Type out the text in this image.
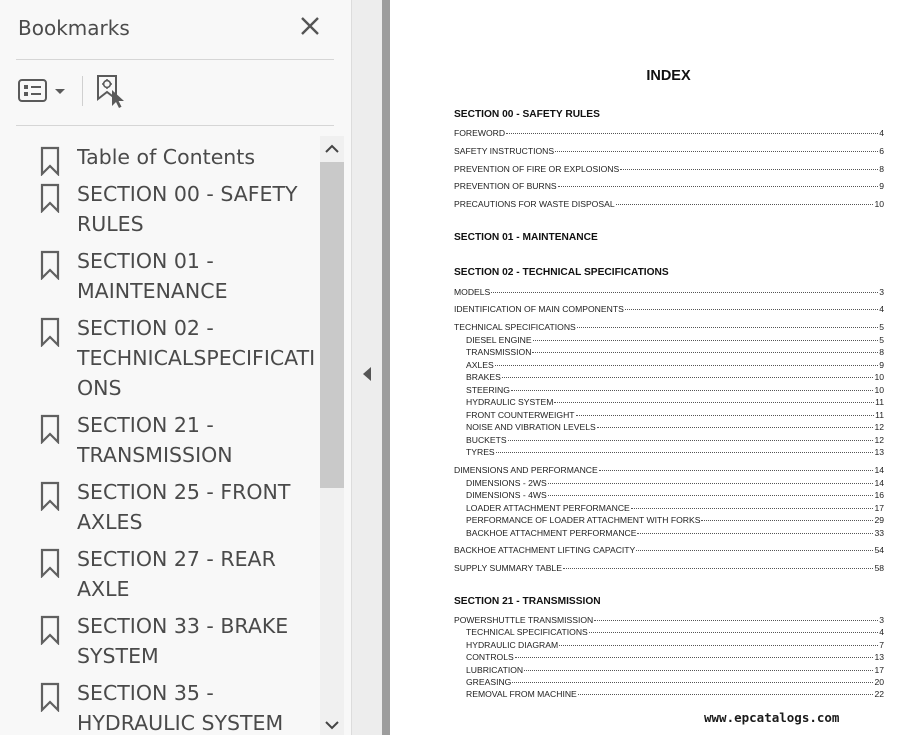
Bookmarks
Table of Contents
SECTION 00 - SAFETY
RULES
SECTION 01 -
MAINTENANCE
SECTION 02 -
TECHNICALSPECIFICATI
ONS
SECTION 21 -
TRANSMISSION
SECTION 25 - FRONT
AXLES
SECTION 27 - REAR
AXLE
SECTION 33 - BRAKE
SYSTEM
SECTION 35 -
HYDRAULIC SYSTEM
INDEX
SECTION 00 - SAFETY RULES
FOREWORD	4
SAFETY INSTRUCTIONS	6
PREVENTION OF FIRE OR EXPLOSIONS	8
PREVENTION OF BURNS	9
PRECAUTIONS FOR WASTE DISPOSAL	10
SECTION 01 - MAINTENANCE
SECTION 02 - TECHNICAL SPECIFICATIONS
MODELS	3
IDENTIFICATION OF MAIN COMPONENTS	4
TECHNICAL SPECIFICATIONS	5
DIESEL ENGINE	5
TRANSMISSION	8
AXLES	9
BRAKES	10
STEERING	10
HYDRAULIC SYSTEM	11
FRONT COUNTERWEIGHT	11
NOISE AND VIBRATION LEVELS	12
BUCKETS	12
TYRES	13
DIMENSIONS AND PERFORMANCE	14
DIMENSIONS - 2WS	14
DIMENSIONS - 4WS	16
LOADER ATTACHMENT PERFORMANCE	17
PERFORMANCE OF LOADER ATTACHMENT WITH FORKS	29
BACKHOE ATTACHMENT PERFORMANCE	33
BACKHOE ATTACHMENT LIFTING CAPACITY	54
SUPPLY SUMMARY TABLE	58
SECTION 21 - TRANSMISSION
POWERSHUTTLE TRANSMISSION	3
TECHNICAL SPECIFICATIONS	4
HYDRAULIC DIAGRAM	7
CONTROLS	13
LUBRICATION	17
GREASING	20
REMOVAL FROM MACHINE	22
www.epcatalogs.com
